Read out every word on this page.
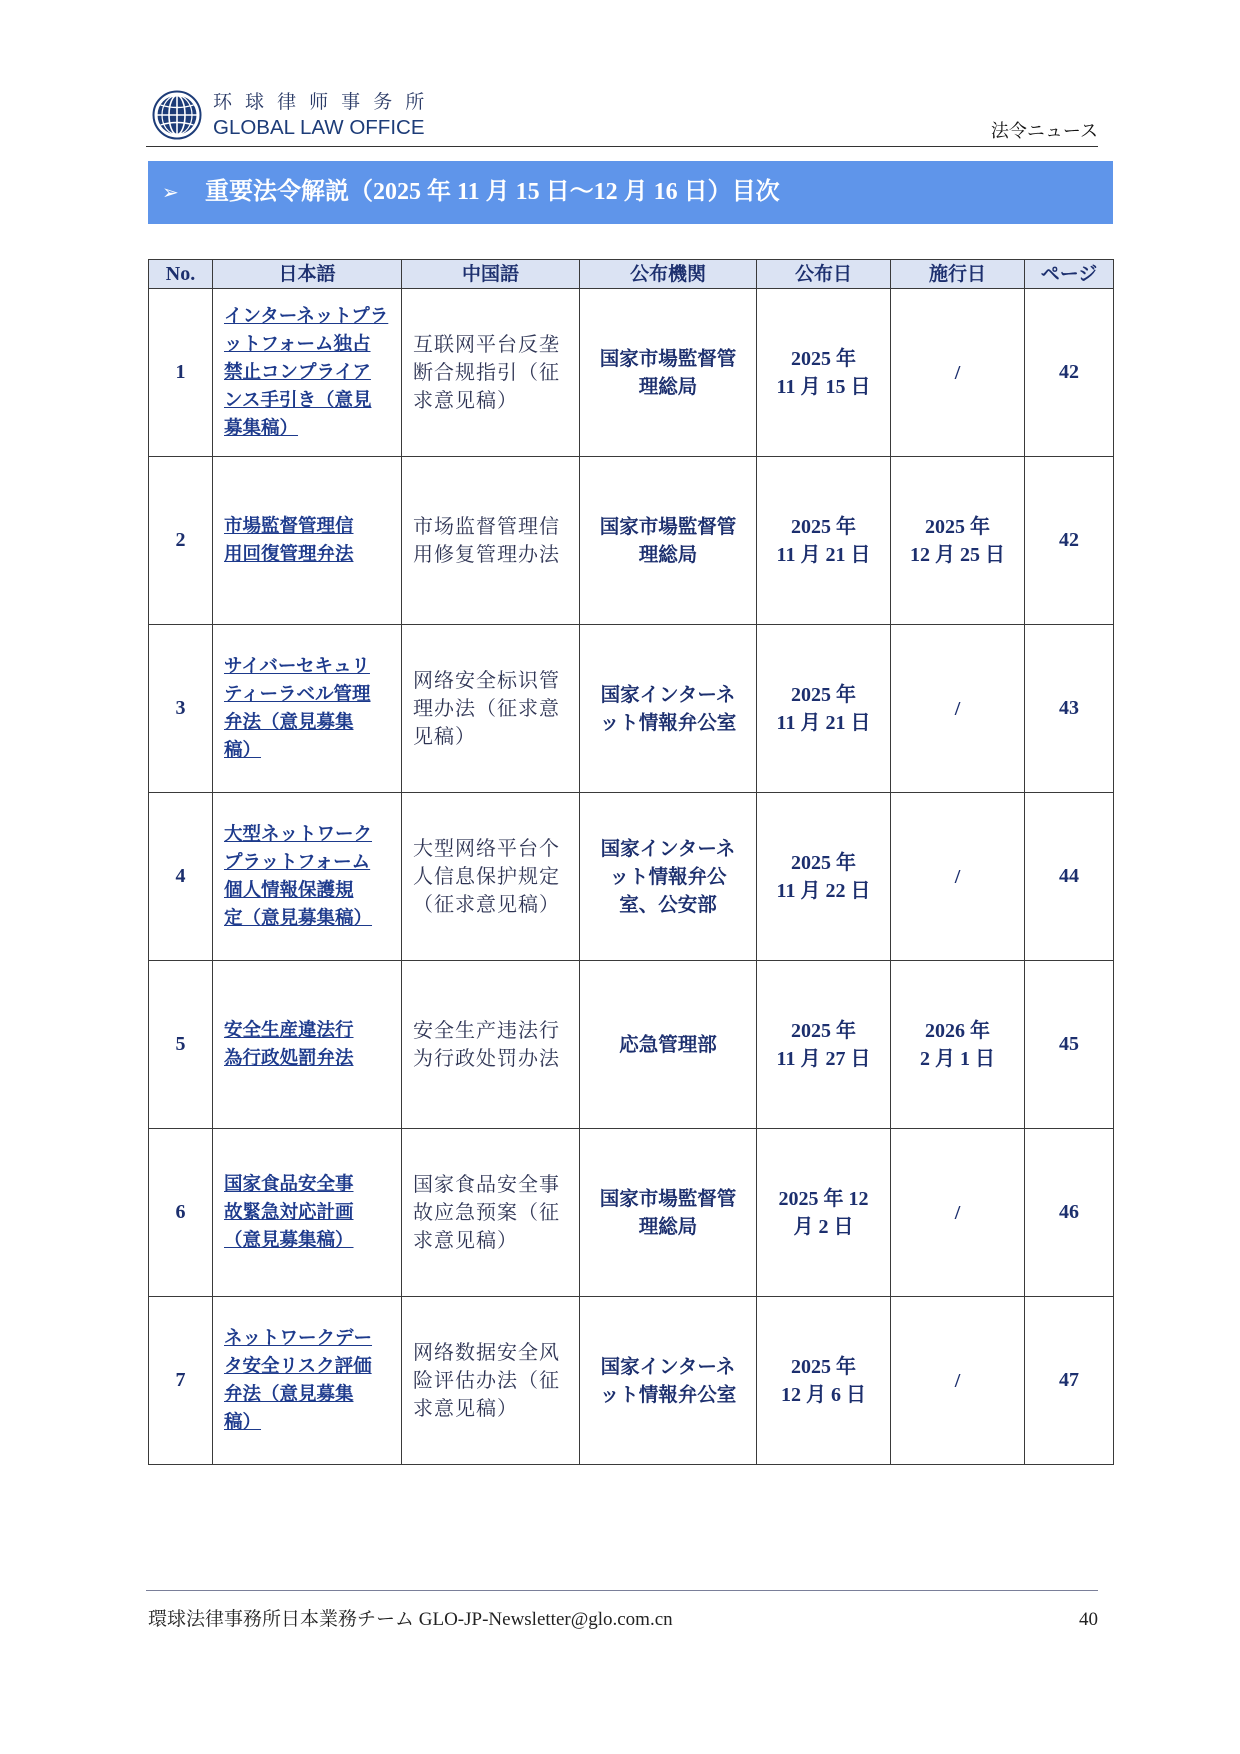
环 球 律 师 事 务 所
GLOBAL LAW OFFICE	法令ニュース
➢ 重要法令解説（2025 年 11 月 15 日〜12 月 16 日）目次
No.	日本語	中国語	公布機関	公布日	施行日	ページ
1	インターネットプラ
ットフォーム独占
禁止コンプライア
ンス手引き（意見
募集稿）	互联网平台反垄
断合规指引（征
求意见稿）	国家市場監督管
理総局	2025 年
11 月 15 日	/	42
2	市場監督管理信
用回復管理弁法	市场监督管理信
用修复管理办法	国家市場監督管
理総局	2025 年
11 月 21 日	2025 年
12 月 25 日	42
3	サイバーセキュリ
ティーラベル管理
弁法（意見募集
稿）	网络安全标识管
理办法（征求意
见稿）	国家インターネ
ット情報弁公室	2025 年
11 月 21 日	/	43
4	大型ネットワーク
プラットフォーム
個人情報保護規
定（意見募集稿）	大型网络平台个
人信息保护规定
（征求意见稿）	国家インターネ
ット情報弁公
室、公安部	2025 年
11 月 22 日	/	44
5	安全生産違法行
為行政処罰弁法	安全生产违法行
为行政处罚办法	応急管理部	2025 年
11 月 27 日	2026 年
2 月 1 日	45
6	国家食品安全事
故緊急対応計画
（意見募集稿）	国家食品安全事
故应急预案（征
求意见稿）	国家市場監督管
理総局	2025 年 12
月 2 日	/	46
7	ネットワークデー
タ安全リスク評価
弁法（意見募集
稿）	网络数据安全风
险评估办法（征
求意见稿）	国家インターネ
ット情報弁公室	2025 年
12 月 6 日	/	47
環球法律事務所日本業務チーム GLO-JP-Newsletter@glo.com.cn	40
